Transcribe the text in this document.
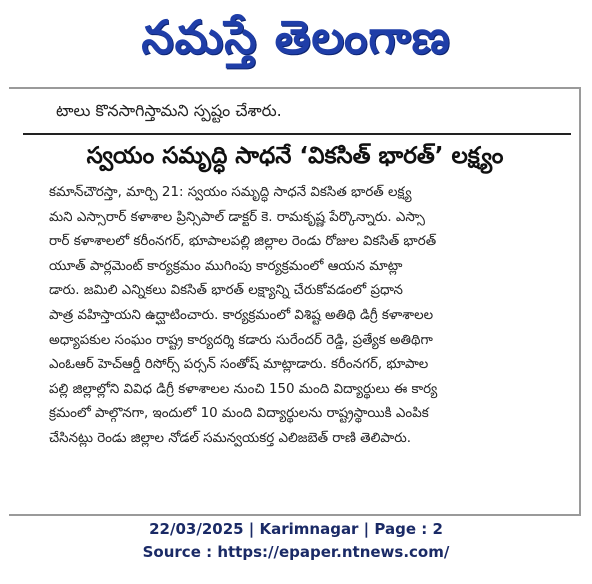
నమస్తే తెలంగాణ
టాలు కొనసాగిస్తామని స్పష్టం చేశారు.
స్వయం సమృద్ధి సాధనే ‘వికసిత్ భారత్’ లక్ష్యం
కమాన్‌చౌరస్తా, మార్చి 21: స్వయం సమృద్ధి సాధనే వికసిత భారత్ లక్ష్య
మని ఎస్సారార్ కళాశాల ప్రిన్సిపాల్ డాక్టర్ కె. రామకృష్ణ పేర్కొన్నారు. ఎస్సా
రార్ కళాశాలలో కరీంనగర్, భూపాలపల్లి జిల్లాల రెండు రోజుల వికసిత్ భారత్
యూత్ పార్లమెంట్ కార్యక్రమం ముగింపు కార్యక్రమంలో ఆయన మాట్లా
డారు. జమిలి ఎన్నికలు వికసిత్ భారత్ లక్ష్యాన్ని చేరుకోవడంలో ప్రధాన
పాత్ర వహిస్తాయని ఉద్ఘాటించారు. కార్యక్రమంలో విశిష్ట అతిథి డిగ్రీ కళాశాలల
అధ్యాపకుల సంఘం రాష్ట్ర కార్యదర్శి కడారు సురేందర్ రెడ్డి, ప్రత్యేక అతిథిగా
ఎంఓఆర్ హెచ్ఆర్డీ రిసోర్స్ పర్సన్ సంతోష్ మాట్లాడారు. కరీంనగర్, భూపాల
పల్లి జిల్లాల్లోని వివిధ డిగ్రీ కళాశాలల నుంచి 150 మంది విద్యార్థులు ఈ కార్య
క్రమంలో పాల్గొనగా, ఇందులో 10 మంది విద్యార్థులను రాష్ట్రస్థాయికి ఎంపిక
చేసినట్లు రెండు జిల్లాల నోడల్ సమన్వయకర్త ఎలిజబెత్ రాణి తెలిపారు.
22/03/2025 | Karimnagar | Page : 2
Source : https://epaper.ntnews.com/
